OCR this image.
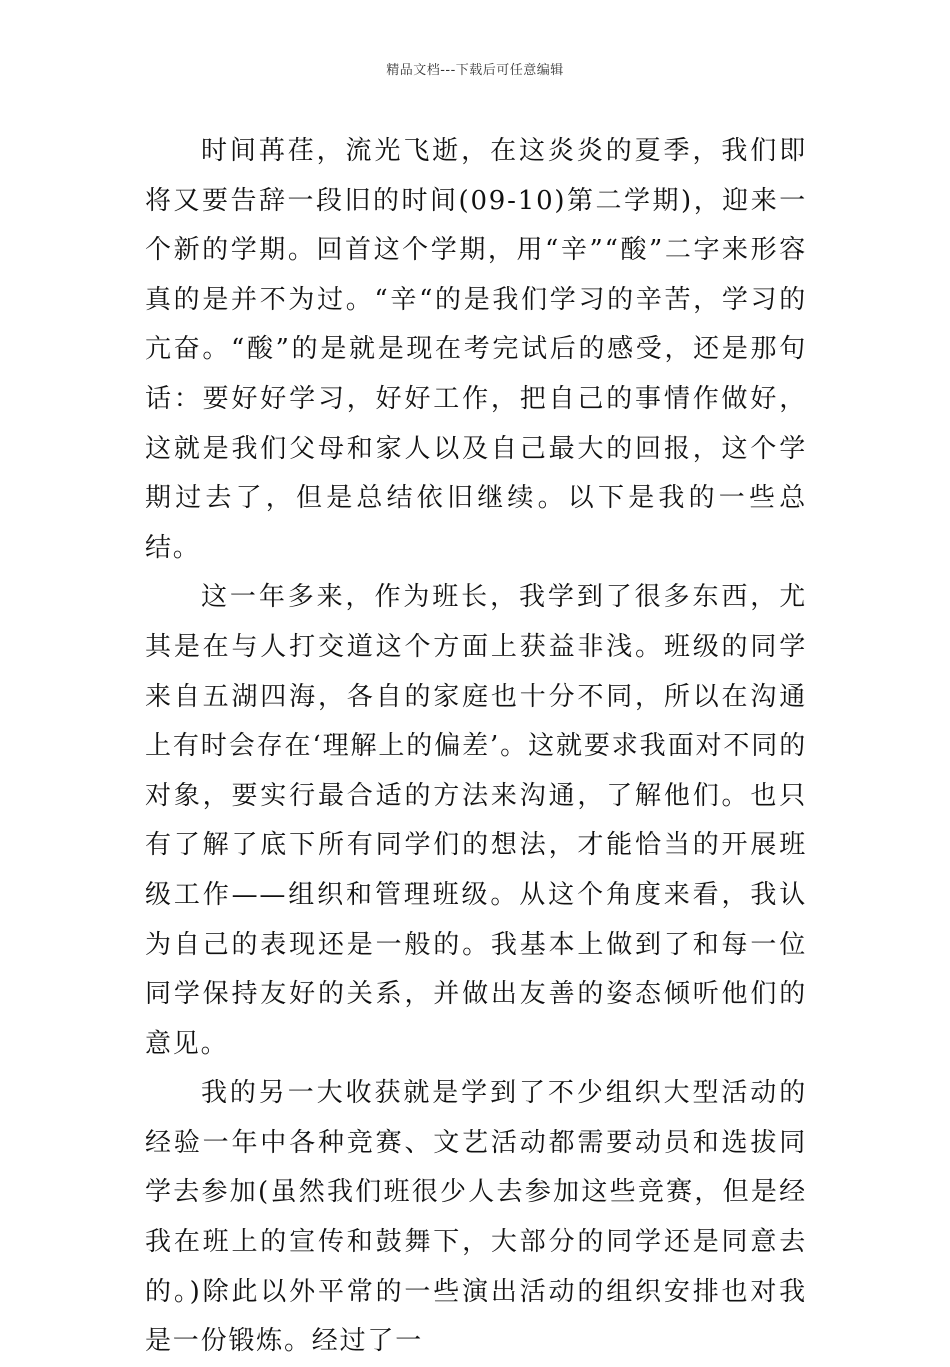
精品文档---下载后可任意编辑

时间苒荏，流光飞逝，在这炎炎的夏季，我们即将又要告辞一段旧的时间(09-10)第二学期)，迎来一个新的学期。回首这个学期，用“辛”“酸”二字来形容真的是并不为过。“辛“的是我们学习的辛苦，学习的亢奋。“酸”的是就是现在考完试后的感受，还是那句话：要好好学习，好好工作，把自己的事情作做好，这就是我们父母和家人以及自己最大的回报，这个学期过去了，但是总结依旧继续。以下是我的一些总结。

这一年多来，作为班长，我学到了很多东西，尤其是在与人打交道这个方面上获益非浅。班级的同学来自五湖四海，各自的家庭也十分不同，所以在沟通上有时会存在‘理解上的偏差’。这就要求我面对不同的对象，要实行最合适的方法来沟通，了解他们。也只有了解了底下所有同学们的想法，才能恰当的开展班级工作——组织和管理班级。从这个角度来看，我认为自己的表现还是一般的。我基本上做到了和每一位同学保持友好的关系，并做出友善的姿态倾听他们的意见。

我的另一大收获就是学到了不少组织大型活动的经验一年中各种竞赛、文艺活动都需要动员和选拔同学去参加(虽然我们班很少人去参加这些竞赛，但是经我在班上的宣传和鼓舞下，大部分的同学还是同意去的。)除此以外平常的一些演出活动的组织安排也对我是一份锻炼。经过了一
